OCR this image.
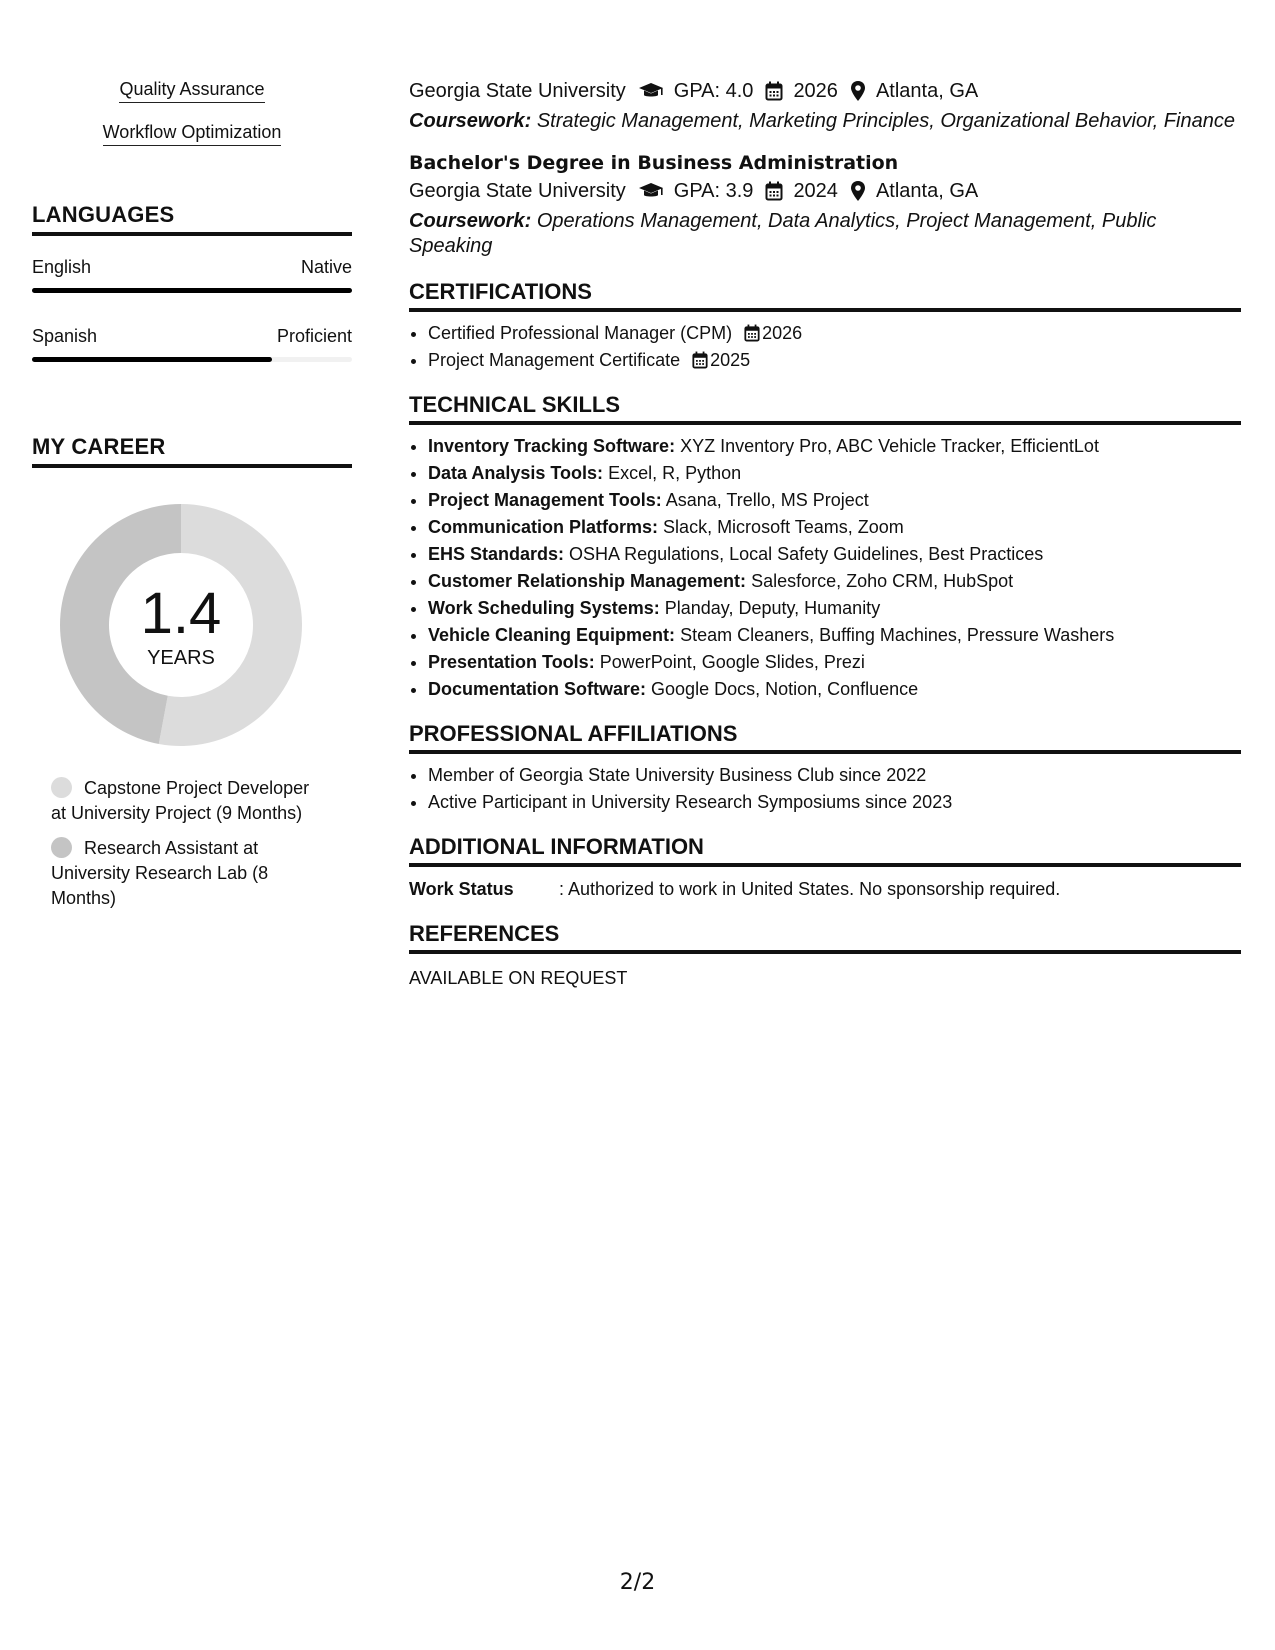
Quality Assurance
Workflow Optimization
LANGUAGES
English	Native
Spanish	Proficient
MY CAREER
1.4
YEARS
Capstone Project Developer at University Project (9 Months)
Research Assistant at University Research Lab (8 Months)
Georgia State University GPA: 4.0 2026 Atlanta, GA
Coursework: Strategic Management, Marketing Principles, Organizational Behavior, Finance
Bachelor's Degree in Business Administration
Georgia State University GPA: 3.9 2024 Atlanta, GA
Coursework: Operations Management, Data Analytics, Project Management, Public Speaking
CERTIFICATIONS
• Certified Professional Manager (CPM) 2026
• Project Management Certificate 2025
TECHNICAL SKILLS
• Inventory Tracking Software: XYZ Inventory Pro, ABC Vehicle Tracker, EfficientLot
• Data Analysis Tools: Excel, R, Python
• Project Management Tools: Asana, Trello, MS Project
• Communication Platforms: Slack, Microsoft Teams, Zoom
• EHS Standards: OSHA Regulations, Local Safety Guidelines, Best Practices
• Customer Relationship Management: Salesforce, Zoho CRM, HubSpot
• Work Scheduling Systems: Planday, Deputy, Humanity
• Vehicle Cleaning Equipment: Steam Cleaners, Buffing Machines, Pressure Washers
• Presentation Tools: PowerPoint, Google Slides, Prezi
• Documentation Software: Google Docs, Notion, Confluence
PROFESSIONAL AFFILIATIONS
• Member of Georgia State University Business Club since 2022
• Active Participant in University Research Symposiums since 2023
ADDITIONAL INFORMATION
Work Status	: Authorized to work in United States. No sponsorship required.
REFERENCES
AVAILABLE ON REQUEST
2/2
